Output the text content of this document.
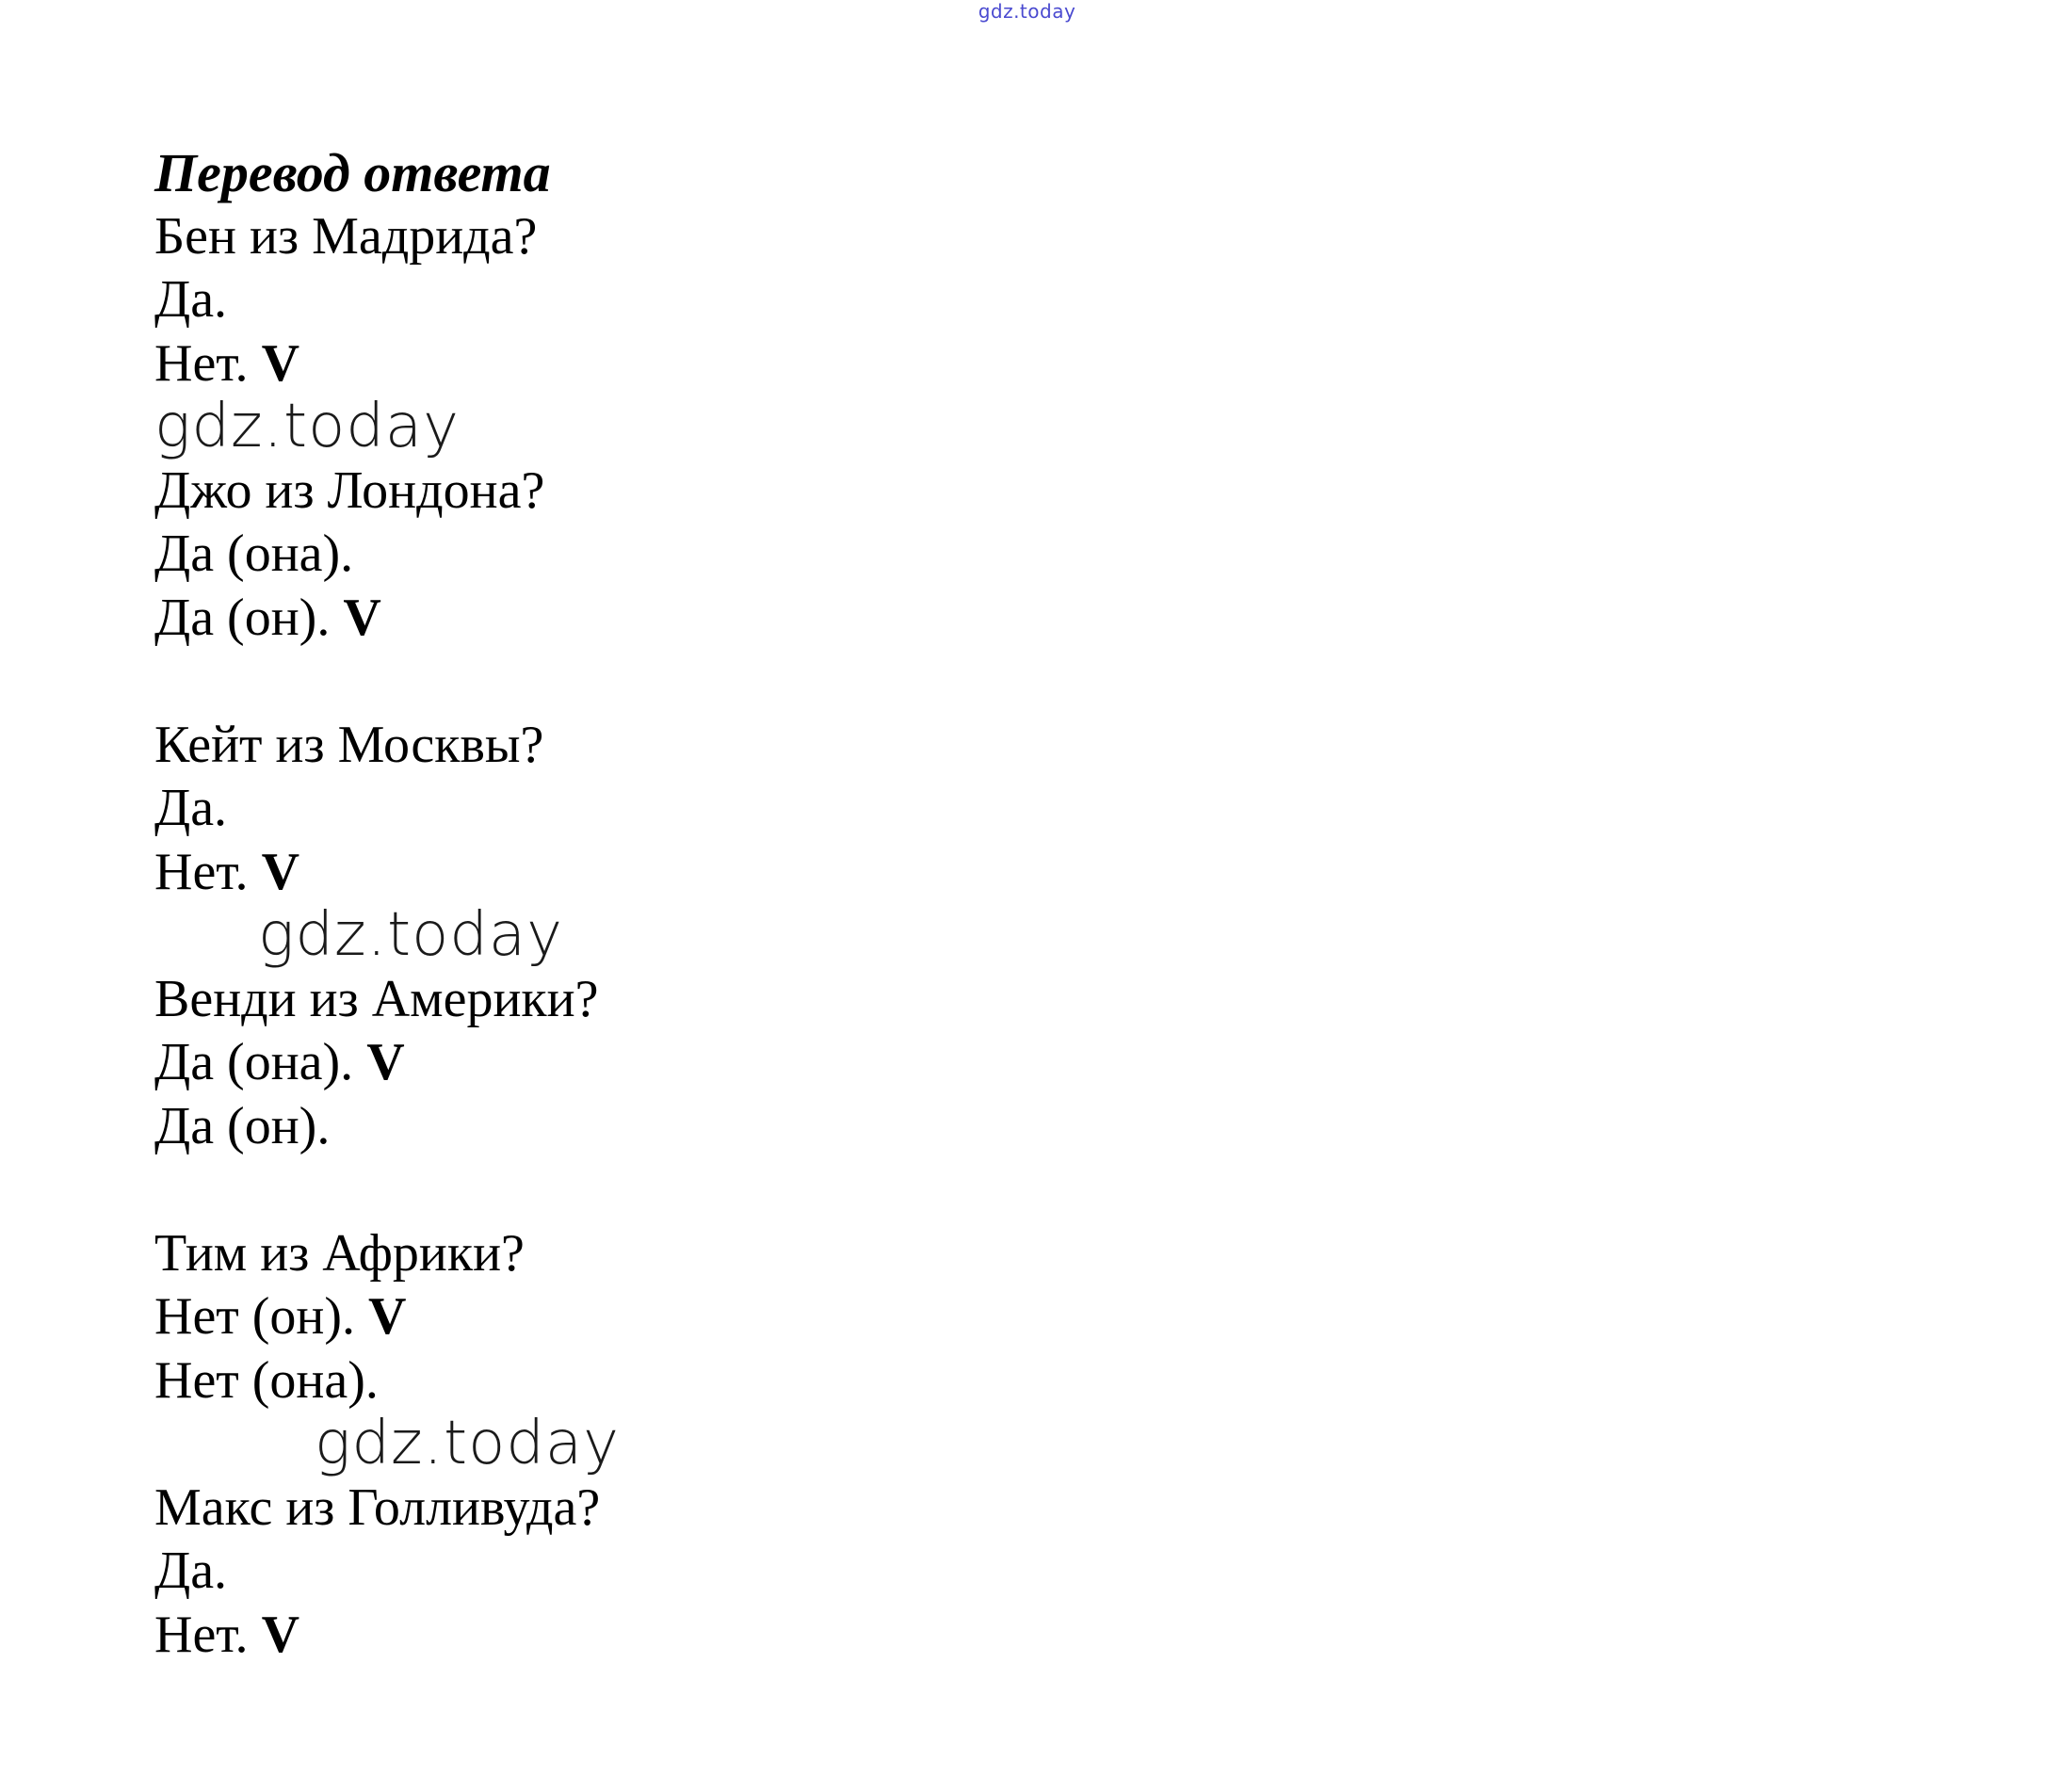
gdz.today
Перевод ответа
Бен из Мадрида?
Да.
Нет. V
gdz.today
Джо из Лондона?
Да (она).
Да (он). V
Кейт из Москвы?
Да.
Нет. V
gdz.today
Венди из Америки?
Да (она). V
Да (он).
Тим из Африки?
Нет (он). V
Нет (она).
gdz.today
Макс из Голливуда?
Да.
Нет. V
